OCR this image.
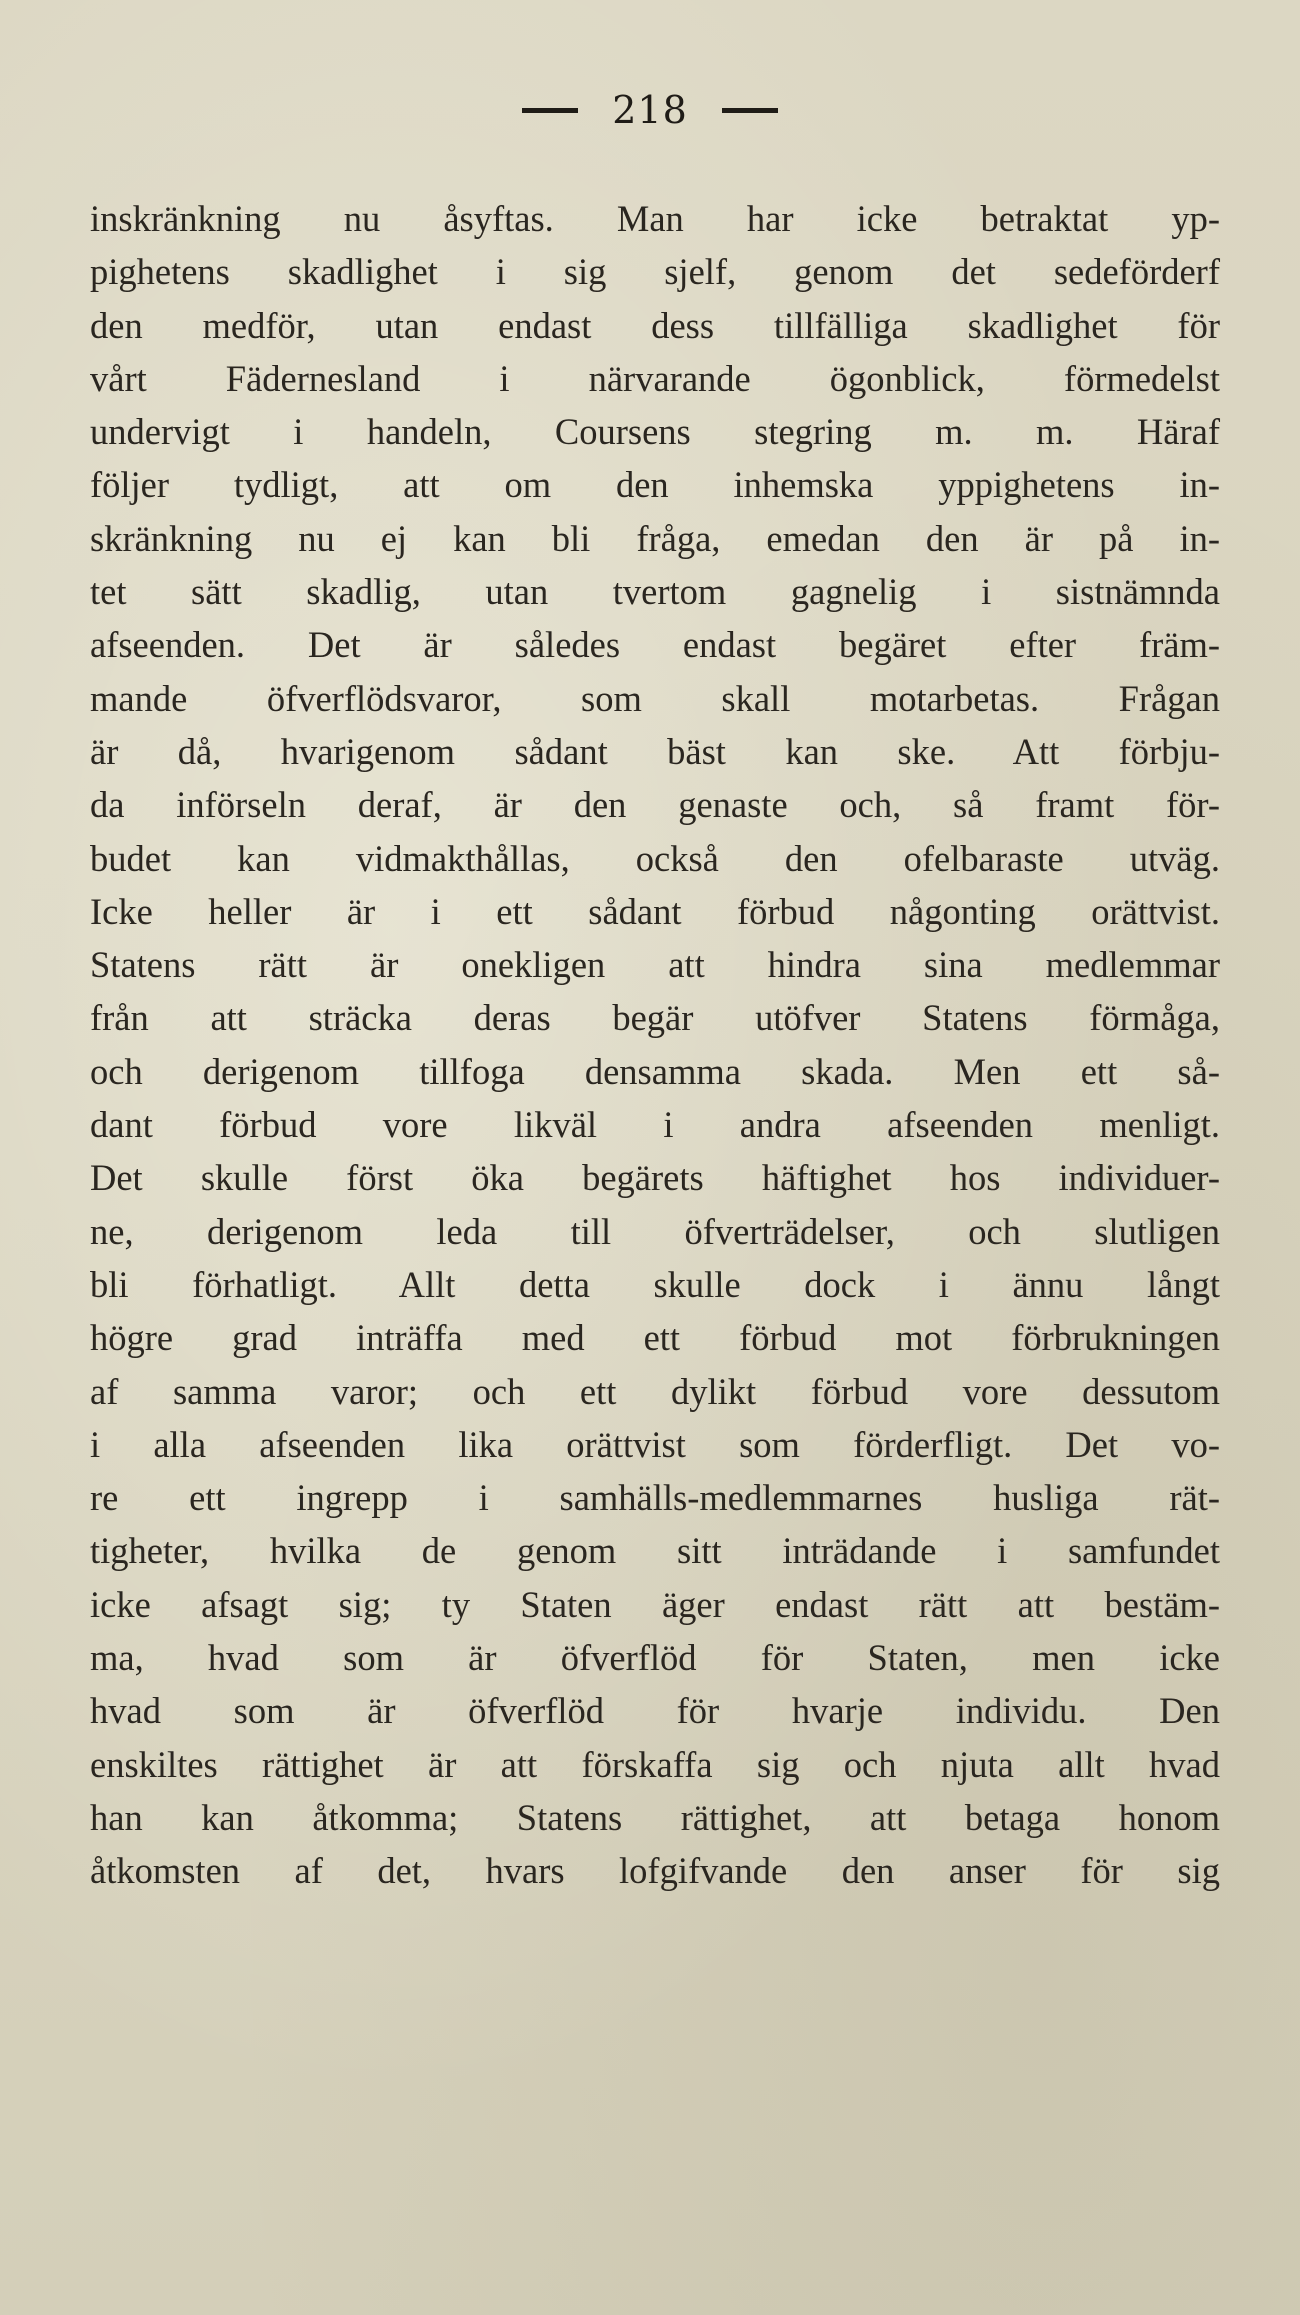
218
inskränkning nu åsyftas. Man har icke betraktat yp-
pighetens skadlighet i sig sjelf, genom det sedeförderf
den medför, utan endast dess tillfälliga skadlighet för
vårt Fädernesland i närvarande ögonblick, förmedelst
undervigt i handeln, Coursens stegring m. m. Häraf
följer tydligt, att om den inhemska yppighetens in-
skränkning nu ej kan bli fråga, emedan den är på in-
tet sätt skadlig, utan tvertom gagnelig i sistnämnda
afseenden. Det är således endast begäret efter främ-
mande öfverflödsvaror, som skall motarbetas. Frågan
är då, hvarigenom sådant bäst kan ske. Att förbju-
da införseln deraf, är den genaste och, så framt för-
budet kan vidmakthållas, också den ofelbaraste utväg.
Icke heller är i ett sådant förbud någonting orättvist.
Statens rätt är onekligen att hindra sina medlemmar
från att sträcka deras begär utöfver Statens förmåga,
och derigenom tillfoga densamma skada. Men ett så-
dant förbud vore likväl i andra afseenden menligt.
Det skulle först öka begärets häftighet hos individuer-
ne, derigenom leda till öfverträdelser, och slutligen
bli förhatligt. Allt detta skulle dock i ännu långt
högre grad inträffa med ett förbud mot förbrukningen
af samma varor; och ett dylikt förbud vore dessutom
i alla afseenden lika orättvist som förderfligt. Det vo-
re ett ingrepp i samhälls-medlemmarnes husliga rät-
tigheter, hvilka de genom sitt inträdande i samfundet
icke afsagt sig; ty Staten äger endast rätt att bestäm-
ma, hvad som är öfverflöd för Staten, men icke
hvad som är öfverflöd för hvarje individu. Den
enskiltes rättighet är att förskaffa sig och njuta allt hvad
han kan åtkomma; Statens rättighet, att betaga honom
åtkomsten af det, hvars lofgifvande den anser för sig
